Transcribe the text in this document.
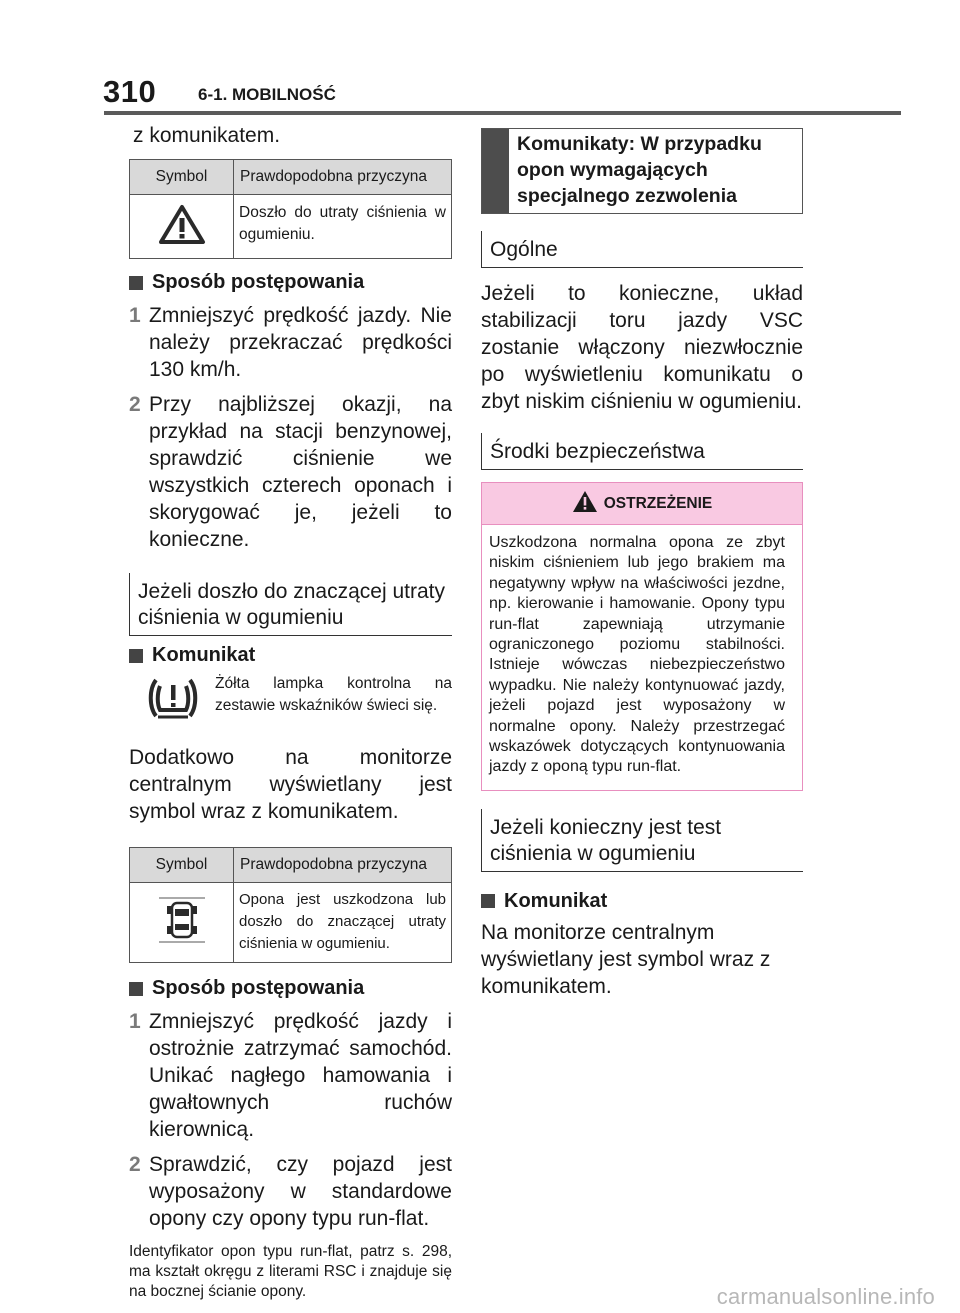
310 6-1. MOBILNOŚĆ
z komunikatem.
Symbol	Prawdopodobna przyczyna
	Doszło do utraty ciśnienia w ogumieniu.
Sposób postępowania
1 Zmniejszyć prędkość jazdy. Nie należy przekraczać prędkości 130 km/h.
2 Przy najbliższej okazji, na przykład na stacji benzynowej, sprawdzić ciśnienie we wszystkich czterech oponach i skorygować je, jeżeli to konieczne.
Jeżeli doszło do znaczącej utraty ciśnienia w ogumieniu
Komunikat
Żółta lampka kontrolna na zestawie wskaźników świeci się.
Dodatkowo na monitorze centralnym wyświetlany jest symbol wraz z komunikatem.
Symbol	Prawdopodobna przyczyna
	Opona jest uszkodzona lub doszło do znaczącej utraty ciśnienia w ogumieniu.
Sposób postępowania
1 Zmniejszyć prędkość jazdy i ostrożnie zatrzymać samochód. Unikać nagłego hamowania i gwałtownych ruchów kierownicą.
2 Sprawdzić, czy pojazd jest wyposażony w standardowe opony czy opony typu run-flat.
Identyfikator opon typu run-flat, patrz s. 298, ma kształt okręgu z literami RSC i znajduje się na bocznej ścianie opony.
Komunikaty: W przypadku opon wymagających specjalnego zezwolenia
Ogólne
Jeżeli to konieczne, układ stabilizacji toru jazdy VSC zostanie włączony niezwłocznie po wyświetleniu komunikatu o zbyt niskim ciśnieniu w ogumieniu.
Środki bezpieczeństwa
OSTRZEŻENIE
Uszkodzona normalna opona ze zbyt niskim ciśnieniem lub jego brakiem ma negatywny wpływ na właściwości jezdne, np. kierowanie i hamowanie. Opony typu run-flat zapewniają utrzymanie ograniczonego poziomu stabilności. Istnieje wówczas niebezpieczeństwo wypadku. Nie należy kontynuować jazdy, jeżeli pojazd jest wyposażony w normalne opony. Należy przestrzegać wskazówek dotyczących kontynuowania jazdy z oponą typu run-flat.
Jeżeli konieczny jest test ciśnienia w ogumieniu
Komunikat
Na monitorze centralnym wyświetlany jest symbol wraz z komunikatem.
carmanualsonline.info
